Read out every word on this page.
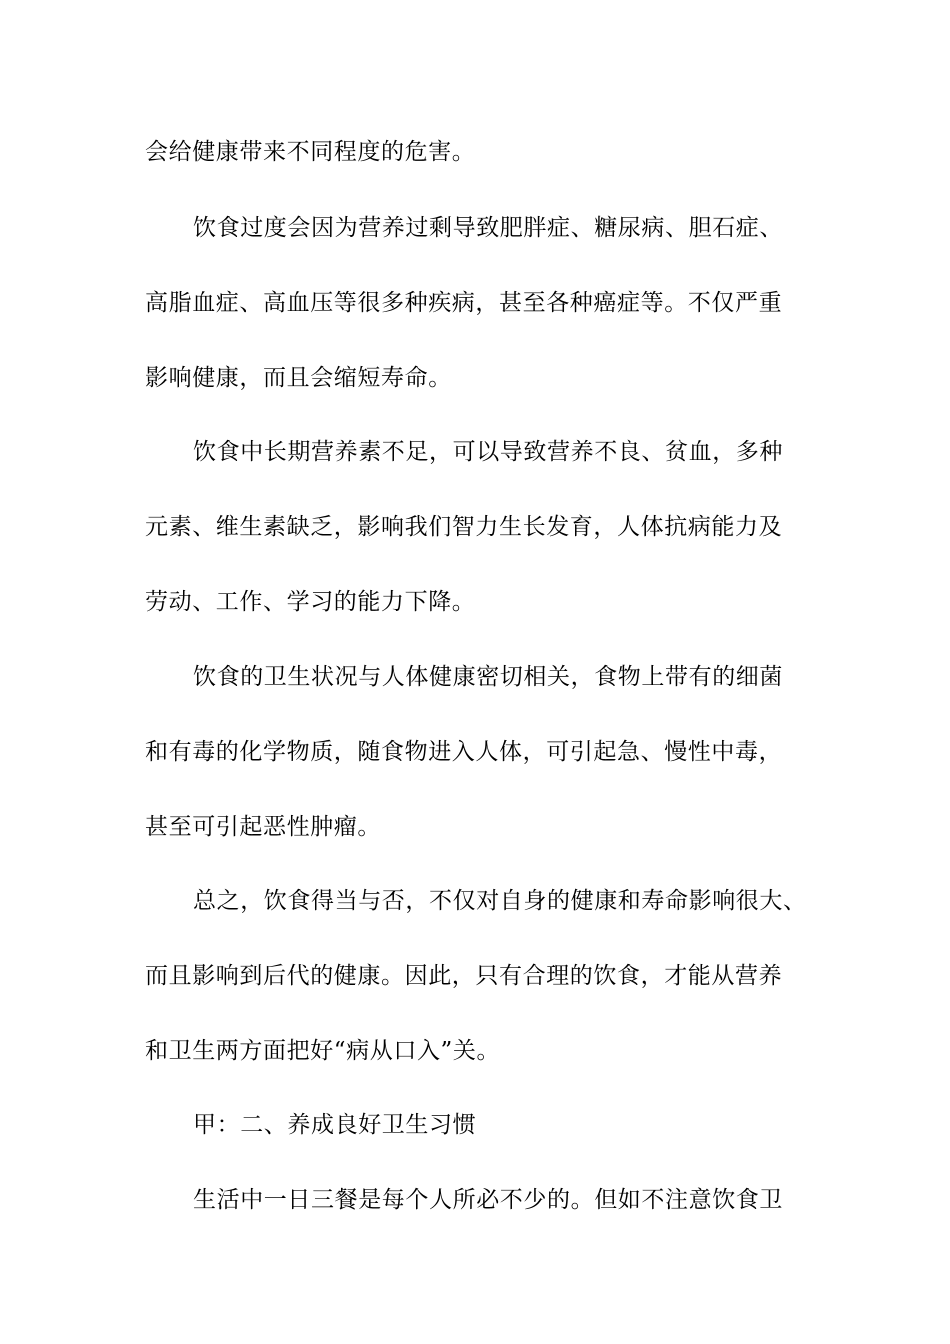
会给健康带来不同程度的危害。
饮食过度会因为营养过剩导致肥胖症、糖尿病、胆石症、
高脂血症、高血压等很多种疾病，甚至各种癌症等。不仅严重
影响健康，而且会缩短寿命。
饮食中长期营养素不足，可以导致营养不良、贫血，多种
元素、维生素缺乏，影响我们智力生长发育，人体抗病能力及
劳动、工作、学习的能力下降。
饮食的卫生状况与人体健康密切相关，食物上带有的细菌
和有毒的化学物质，随食物进入人体，可引起急、慢性中毒，
甚至可引起恶性肿瘤。
总之，饮食得当与否，不仅对自身的健康和寿命影响很大、
而且影响到后代的健康。因此，只有合理的饮食，才能从营养
和卫生两方面把好“病从口入”关。
甲：二、养成良好卫生习惯
生活中一日三餐是每个人所必不少的。但如不注意饮食卫
